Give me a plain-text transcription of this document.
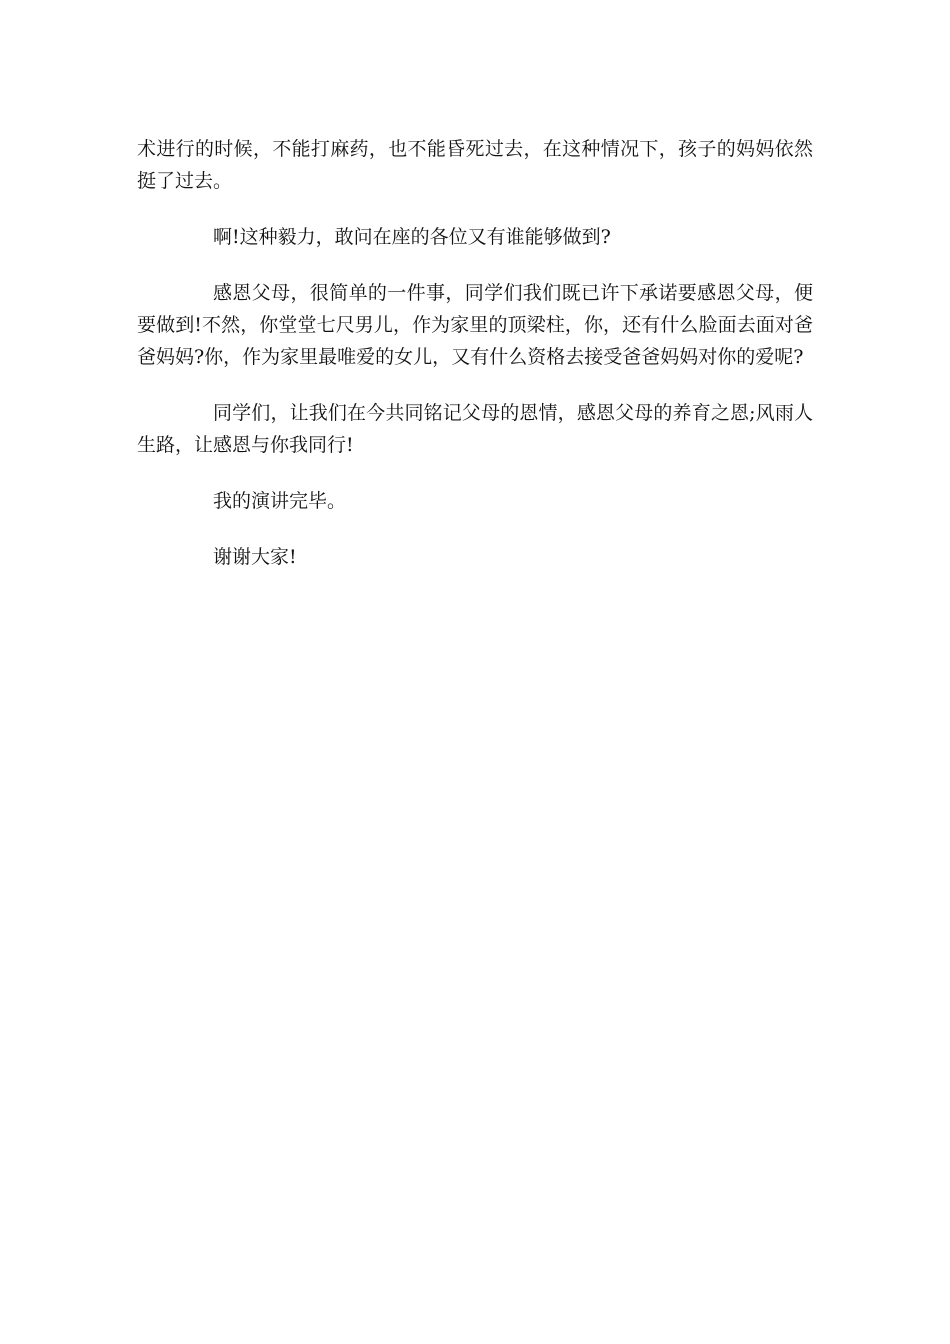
术进行的时候，不能打麻药，也不能昏死过去，在这种情况下，孩子的妈妈依然挺了过去。

啊!这种毅力，敢问在座的各位又有谁能够做到?

感恩父母，很简单的一件事，同学们我们既已许下承诺要感恩父母，便要做到!不然，你堂堂七尺男儿，作为家里的顶梁柱，你，还有什么脸面去面对爸爸妈妈?你，作为家里最唯爱的女儿，又有什么资格去接受爸爸妈妈对你的爱呢?

同学们，让我们在今共同铭记父母的恩情，感恩父母的养育之恩;风雨人生路，让感恩与你我同行!

我的演讲完毕。

谢谢大家!
